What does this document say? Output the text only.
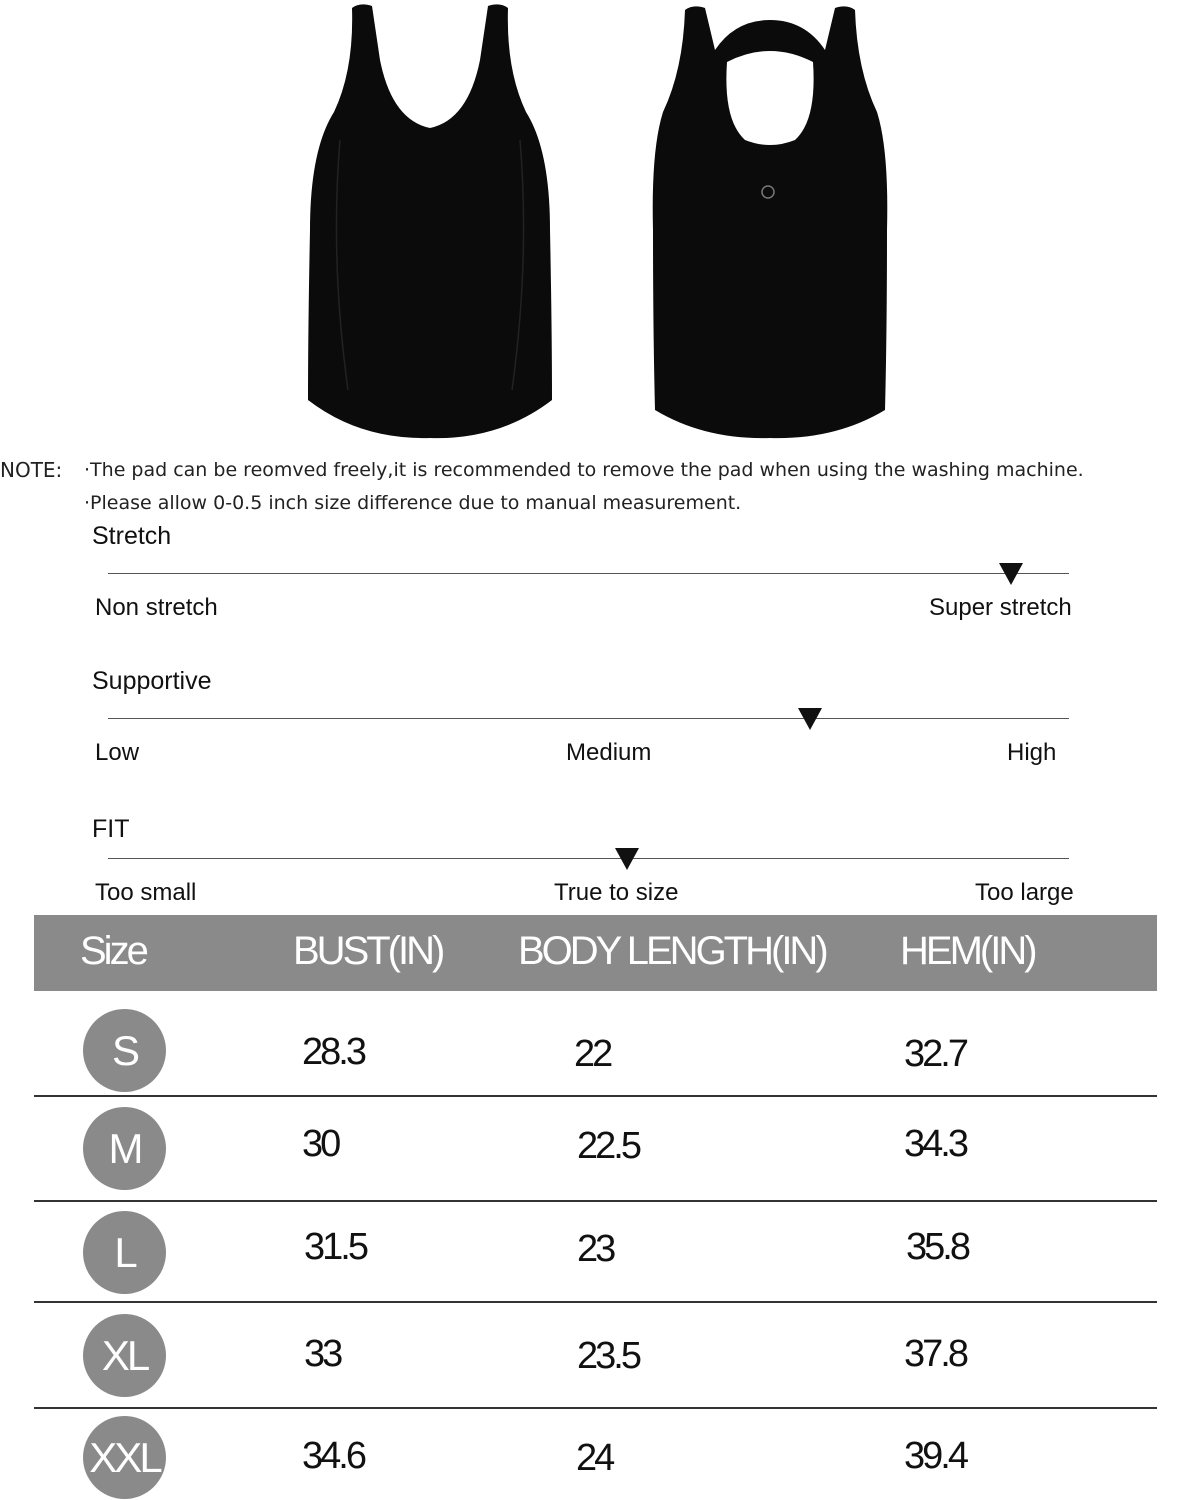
NOTE: ·The pad can be reomved freely,it is recommended to remove the pad when using the washing machine.
·Please allow 0-0.5 inch size difference due to manual measurement.
Stretch
Non stretch	Super stretch
Supportive
Low	Medium	High
FIT
Too small	True to size	Too large
Size	BUST(IN) BODY LENGTH(IN) HEM(IN)
S	28.3	22	32.7
M	30	22.5	34.3
L	31.5	23	35.8
XL	33	23.5	37.8
XXL	34.6	24	39.4
